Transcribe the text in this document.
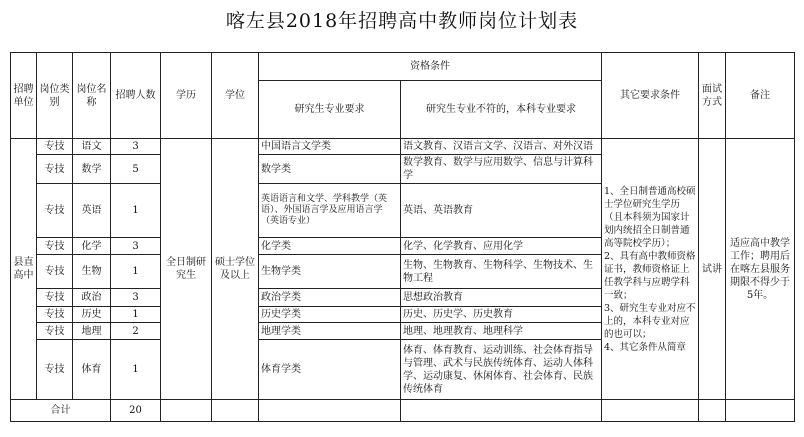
喀左县2018年招聘高中教师岗位计划表
招聘单位	岗位类别	岗位名称	招聘人数	学历	学位	资格条件		其它要求条件	面试方式	备注
						研究生专业要求	研究生专业不符的，本科专业要求			
县直高中	专技	语文	3	全日制研究生	硕士学位及以上	中国语言文学类	语文教育、汉语言文学、汉语言、对外汉语	1、全日制普通高校硕士学位研究生学历（且本科须为国家计划内统招全日制普通高等院校学历）；
2、具有高中教师资格证书，教师资格证上任教学科与应聘学科一致；
3、研究生专业对应不上的，本科专业对应的也可以；
4、其它条件从简章	试讲	适应高中教学工作；聘用后在喀左县服务期限不得少于5年。
	专技	数学	5			数学类	数学教育、数学与应用数学、信息与计算科学			
	专技	英语	1			英语语言和文学、学科教学（英语）、外国语言学及应用语言学（英语专业）	英语、英语教育			
	专技	化学	3			化学类	化学、化学教育、应用化学			
	专技	生物	1			生物学类	生物、生物教育、生物科学、生物技术、生物工程			
	专技	政治	3			政治学类	思想政治教育			
	专技	历史	1			历史学类	历史、历史学、历史教育			
	专技	地理	2			地理学类	地理、地理教育、地理科学			
	专技	体育	1			体育学类	体育、体育教育、运动训练、社会体育指导与管理、武术与民族传统体育、运动人体科学、运动康复、休闲体育、社会体育、民族传统体育			
合计			20							
